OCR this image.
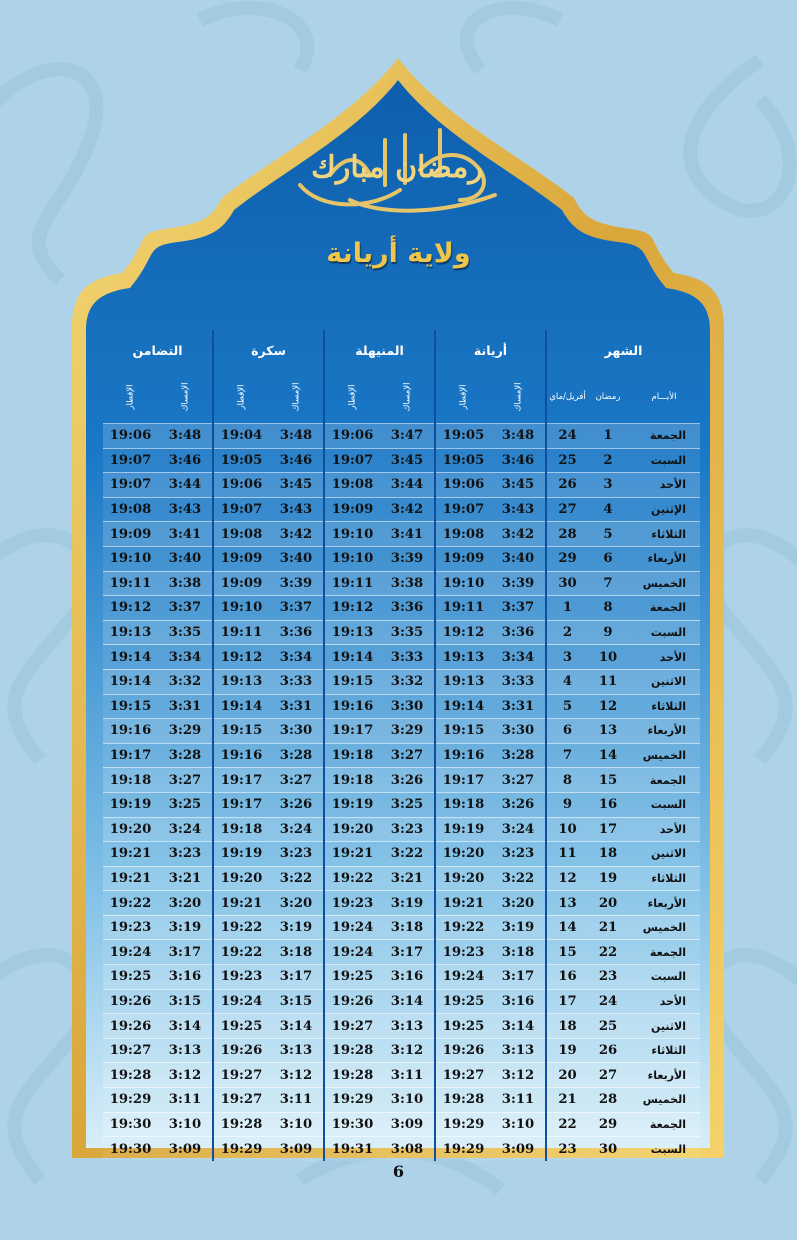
رمضان مبارك
ولاية أريانة
الشهر			أريانة		المنيهلة		سكرة		التضامن	
الأيـــام	رمضان	أفريل/ماي	الإمساك	الإفطار	الإمساك	الإفطار	الإمساك	الإفطار	الإمساك	الإفطار
الجمعة	1	24	3:48	19:05	3:47	19:06	3:48	19:04	3:48	19:06
السبت	2	25	3:46	19:05	3:45	19:07	3:46	19:05	3:46	19:07
الأحد	3	26	3:45	19:06	3:44	19:08	3:45	19:06	3:44	19:07
الإثنين	4	27	3:43	19:07	3:42	19:09	3:43	19:07	3:43	19:08
الثلاثاء	5	28	3:42	19:08	3:41	19:10	3:42	19:08	3:41	19:09
الأربعاء	6	29	3:40	19:09	3:39	19:10	3:40	19:09	3:40	19:10
الخميس	7	30	3:39	19:10	3:38	19:11	3:39	19:09	3:38	19:11
الجمعة	8	1	3:37	19:11	3:36	19:12	3:37	19:10	3:37	19:12
السبت	9	2	3:36	19:12	3:35	19:13	3:36	19:11	3:35	19:13
الأحد	10	3	3:34	19:13	3:33	19:14	3:34	19:12	3:34	19:14
الاثنين	11	4	3:33	19:13	3:32	19:15	3:33	19:13	3:32	19:14
الثلاثاء	12	5	3:31	19:14	3:30	19:16	3:31	19:14	3:31	19:15
الأربعاء	13	6	3:30	19:15	3:29	19:17	3:30	19:15	3:29	19:16
الخميس	14	7	3:28	19:16	3:27	19:18	3:28	19:16	3:28	19:17
الجمعة	15	8	3:27	19:17	3:26	19:18	3:27	19:17	3:27	19:18
السبت	16	9	3:26	19:18	3:25	19:19	3:26	19:17	3:25	19:19
الأحد	17	10	3:24	19:19	3:23	19:20	3:24	19:18	3:24	19:20
الاثنين	18	11	3:23	19:20	3:22	19:21	3:23	19:19	3:23	19:21
الثلاثاء	19	12	3:22	19:20	3:21	19:22	3:22	19:20	3:21	19:21
الأربعاء	20	13	3:20	19:21	3:19	19:23	3:20	19:21	3:20	19:22
الخميس	21	14	3:19	19:22	3:18	19:24	3:19	19:22	3:19	19:23
الجمعة	22	15	3:18	19:23	3:17	19:24	3:18	19:22	3:17	19:24
السبت	23	16	3:17	19:24	3:16	19:25	3:17	19:23	3:16	19:25
الأحد	24	17	3:16	19:25	3:14	19:26	3:15	19:24	3:15	19:26
الاثنين	25	18	3:14	19:25	3:13	19:27	3:14	19:25	3:14	19:26
الثلاثاء	26	19	3:13	19:26	3:12	19:28	3:13	19:26	3:13	19:27
الأربعاء	27	20	3:12	19:27	3:11	19:28	3:12	19:27	3:12	19:28
الخميس	28	21	3:11	19:28	3:10	19:29	3:11	19:27	3:11	19:29
الجمعة	29	22	3:10	19:29	3:09	19:30	3:10	19:28	3:10	19:30
السبت	30	23	3:09	19:29	3:08	19:31	3:09	19:29	3:09	19:30
6
